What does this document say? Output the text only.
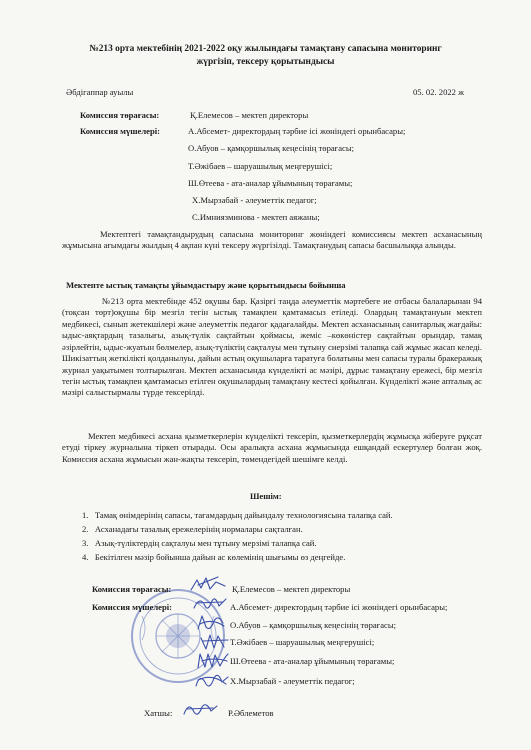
№213 орта мектебінің 2021-2022 оқу жылындағы тамақтану сапасына мониторинг
жүргізіп, тексеру қорытындысы
Әбдігаппар ауылы	05. 02. 2022 ж
Комиссия төрағасы:	Қ.Елемесов – мектеп директоры
Комиссия мүшелері:	А.Абсемет- директордың тәрбие ісі жөніндегі орынбасары;
О.Абуов – қамқоршылық кеңесінің төрағасы;
Т.Әжібаев – шаруашылық меңгерушісі;
Ш.Өтеева - ата-аналар ұйымының төрағамы;
Х.Мырзабай - әлеуметтік педагог;
С.Имниязминова - мектеп аяжаны;
Мектептегі тамақтандырудың сапасына мониторинг жөніндегі комиссиясы мектеп асханасының жұмысына ағымдағы жылдың 4 ақпан күні тексеру жүргізілді. Тамақтанудың сапасы басшылыққа алынды.
Мектепте ыстық тамақты ұйымдастыру және қорытындысы бойынша
№213 орта мектебінде 452 оқушы бар. Қазіргі таңда әлеуметтік мәртебеге ие отбасы балаларынан 94 (тоқсан төрт)оқушы бір мезгіл тегін ыстық тамақпен қамтамасыз етіледі. Олардың тамақтануын мектеп медбикесі, сынып жетекшілері және әлеуметтік педагог қадағалайды. Мектеп асханасының санитарлық жағдайы: ыдыс-аяқтардың тазалығы, азық-түлік сақтайтын қоймасы, жеміс –көкөністер сақтайтын орындар, тамақ әзірлейтін, ыдыс-жуатын бөлмелер, азық-түліктің сақталуы мен тұтыну сиерзімі талапқа сай жұмыс жасап келеді. Шикізаттың жеткілікті қолданылуы, дайын астың оқушыларға таратуға болатыны мен сапасы туралы бракеражық журнал уақытымен толтырылған. Мектеп асханасында күнделікті ас мәзірі, дұрыс тамақтану ережесі, бір мезгіл тегін ыстық тамақпен қамтамасыз етілген оқушылардың тамақтану кестесі қойылған. Күнделікті және апталық ас мәзірі салыстырмалы түрде тексерілді.
Мектеп медбикесі асхана қызметкерлерін күнделікті тексеріп, қызметкерлердің жұмысқа жіберуге рұқсат етуді тіркеу журналына тіркеп отырады. Осы аралықта асхана жұмысында ешқандай ескертулер болған жоқ. Комиссия асхана жұмысын жан-жақты тексеріп, төмендегідей шешімге келді.
Шешім:
1.   Тамақ өнімдерінің сапасы, тағамдардың дайындалу технологиясына талапқа сай.
2.   Асханадағы тазалық ережелерінің нормалары сақталған.
3.   Азық-түліктердің сақталуы мен тұтыну мерзімі талапқа сай.
4.   Бекітілген мәзір бойынша дайын ас көлемінің шығымы өз деңгейде.
Комиссия төрағасы:	Қ.Елемесов – мектеп директоры
Комиссия мүшелері:	А.Абсемет- директордың тәрбие ісі жөніндегі орынбасары;
О.Абуов – қамқоршылық кеңесінің төрағасы;
Т.Әжібаев – шаруашылық меңгерушісі;
Ш.Өтеева - ата-аналар ұйымының төрағамы;
Х.Мырзабай - әлеуметтік педагог;
Хатшы:	Р.Әблеметов
